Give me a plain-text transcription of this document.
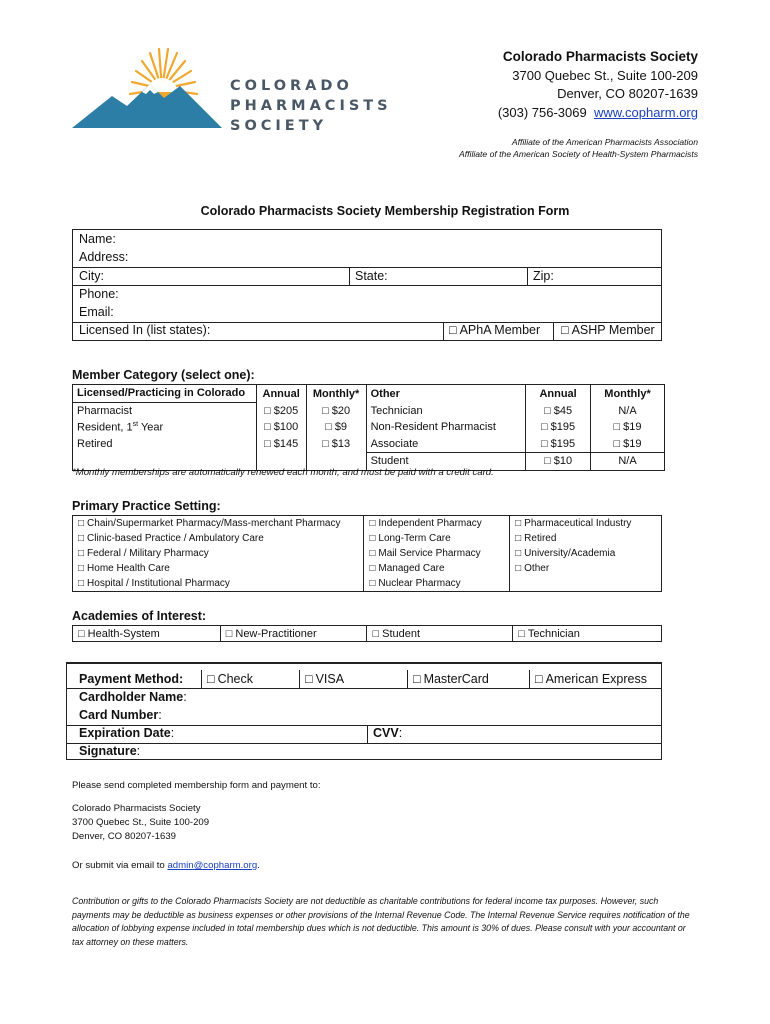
COLORADO
PHARMACISTS
SOCIETY
Colorado Pharmacists Society
3700 Quebec St., Suite 100-209
Denver, CO 80207-1639
(303) 756-3069 www.copharm.org
Affiliate of the American Pharmacists Association
Affiliate of the American Society of Health-System Pharmacists
Colorado Pharmacists Society Membership Registration Form
Name:
Address:
City:	State:	Zip:
Phone:
Email:
Licensed In (list states):	□ APhA Member	□ ASHP Member
Member Category (select one):
Licensed/Practicing in Colorado	Annual	Monthly*	Other	Annual	Monthly*
Pharmacist	□ $205	□ $20	Technician	□ $45	N/A
Resident, 1st Year	□ $100	□ $9	Non-Resident Pharmacist	□ $195	□ $19
Retired	□ $145	□ $13	Associate	□ $195	□ $19
			Student	□ $10	N/A
*Monthly memberships are automatically renewed each month, and must be paid with a credit card.
Primary Practice Setting:
□ Chain/Supermarket Pharmacy/Mass-merchant Pharmacy	□ Independent Pharmacy	□ Pharmaceutical Industry
□ Clinic-based Practice / Ambulatory Care	□ Long-Term Care	□ Retired
□ Federal / Military Pharmacy	□ Mail Service Pharmacy	□ University/Academia
□ Home Health Care	□ Managed Care	□ Other
□ Hospital / Institutional Pharmacy	□ Nuclear Pharmacy	
Academies of Interest:
□ Health-System	□New-Practitioner	□Student	□Technician
Payment Method:	□ Check	□ VISA	□ MasterCard	□ American Express
Cardholder Name:
Card Number:
Expiration Date:	CVV:
Signature:
Please send completed membership form and payment to:
Colorado Pharmacists Society
3700 Quebec St., Suite 100-209
Denver, CO 80207-1639
Or submit via email to admin@copharm.org.
Contribution or gifts to the Colorado Pharmacists Society are not deductible as charitable contributions for federal income tax purposes. However, such payments may be deductible as business expenses or other provisions of the Internal Revenue Code. The Internal Revenue Service requires notification of the allocation of lobbying expense included in total membership dues which is not deductible. This amount is 30% of dues. Please consult with your accountant or tax attorney on these matters.
